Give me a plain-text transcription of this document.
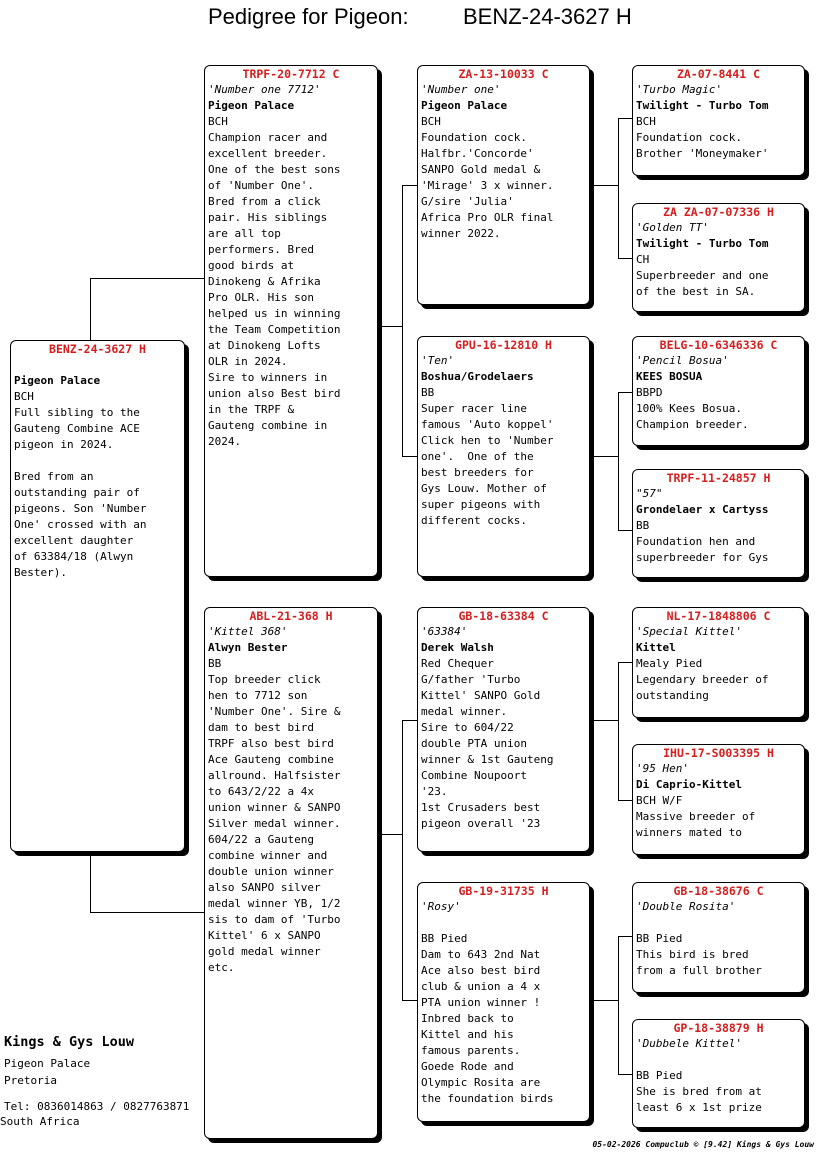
Pedigree for Pigeon: BENZ-24-3627 H
BENZ-24-3627 H
Pigeon Palace
BCH
Full sibling to the
Gauteng Combine ACE
pigeon in 2024.

Bred from an
outstanding pair of
pigeons. Son 'Number
One' crossed with an
excellent daughter
of 63384/18 (Alwyn
Bester).
TRPF-20-7712 C
'Number one 7712'
Pigeon Palace
BCH
Champion racer and
excellent breeder.
One of the best sons
of 'Number One'.
Bred from a click
pair. His siblings
are all top
performers. Bred
good birds at
Dinokeng & Afrika
Pro OLR. His son
helped us in winning
the Team Competition
at Dinokeng Lofts
OLR in 2024.
Sire to winners in
union also Best bird
in the TRPF &
Gauteng combine in
2024.
ABL-21-368 H
'Kittel 368'
Alwyn Bester
BB
Top breeder click
hen to 7712 son
'Number One'. Sire &
dam to best bird
TRPF also best bird
Ace Gauteng combine
allround. Halfsister
to 643/2/22 a 4x
union winner & SANPO
Silver medal winner.
604/22 a Gauteng
combine winner and
double union winner
also SANPO silver
medal winner YB, 1/2
sis to dam of 'Turbo
Kittel' 6 x SANPO
gold medal winner
etc.
ZA-13-10033 C
'Number one'
Pigeon Palace
BCH
Foundation cock.
Halfbr.'Concorde'
SANPO Gold medal &
'Mirage' 3 x winner.
G/sire 'Julia'
Africa Pro OLR final
winner 2022.
GPU-16-12810 H
'Ten'
Boshua/Grodelaers
BB
Super racer line
famous 'Auto koppel'
Click hen to 'Number
one'.  One of the
best breeders for
Gys Louw. Mother of
super pigeons with
different cocks.
GB-18-63384 C
'63384'
Derek Walsh
Red Chequer
G/father 'Turbo
Kittel' SANPO Gold
medal winner.
Sire to 604/22
double PTA union
winner & 1st Gauteng
Combine Noupoort
'23.
1st Crusaders best
pigeon overall '23
GB-19-31735 H
'Rosy'
BB Pied
Dam to 643 2nd Nat
Ace also best bird
club & union a 4 x
PTA union winner !
Inbred back to
Kittel and his
famous parents.
Goede Rode and
Olympic Rosita are
the foundation birds
ZA-07-8441 C
'Turbo Magic'
Twilight - Turbo Tom
BCH
Foundation cock.
Brother 'Moneymaker'
ZA ZA-07-07336 H
'Golden TT'
Twilight - Turbo Tom
CH
Superbreeder and one
of the best in SA.
BELG-10-6346336 C
'Pencil Bosua'
KEES BOSUA
BBPD
100% Kees Bosua.
Champion breeder.
TRPF-11-24857 H
"57"
Grondelaer x Cartyss
BB
Foundation hen and
superbreeder for Gys
NL-17-1848806 C
'Special Kittel'
Kittel
Mealy Pied
Legendary breeder of
outstanding
IHU-17-S003395 H
'95 Hen'
Di Caprio-Kittel
BCH W/F
Massive breeder of
winners mated to
GB-18-38676 C
'Double Rosita'
BB Pied
This bird is bred
from a full brother
GP-18-38879 H
'Dubbele Kittel'
BB Pied
She is bred from at
least 6 x 1st prize
Kings & Gys Louw
Pigeon Palace
Pretoria
Tel: 0836014863 / 0827763871
South Africa
05-02-2026 Compuclub © [9.42] Kings & Gys Louw
